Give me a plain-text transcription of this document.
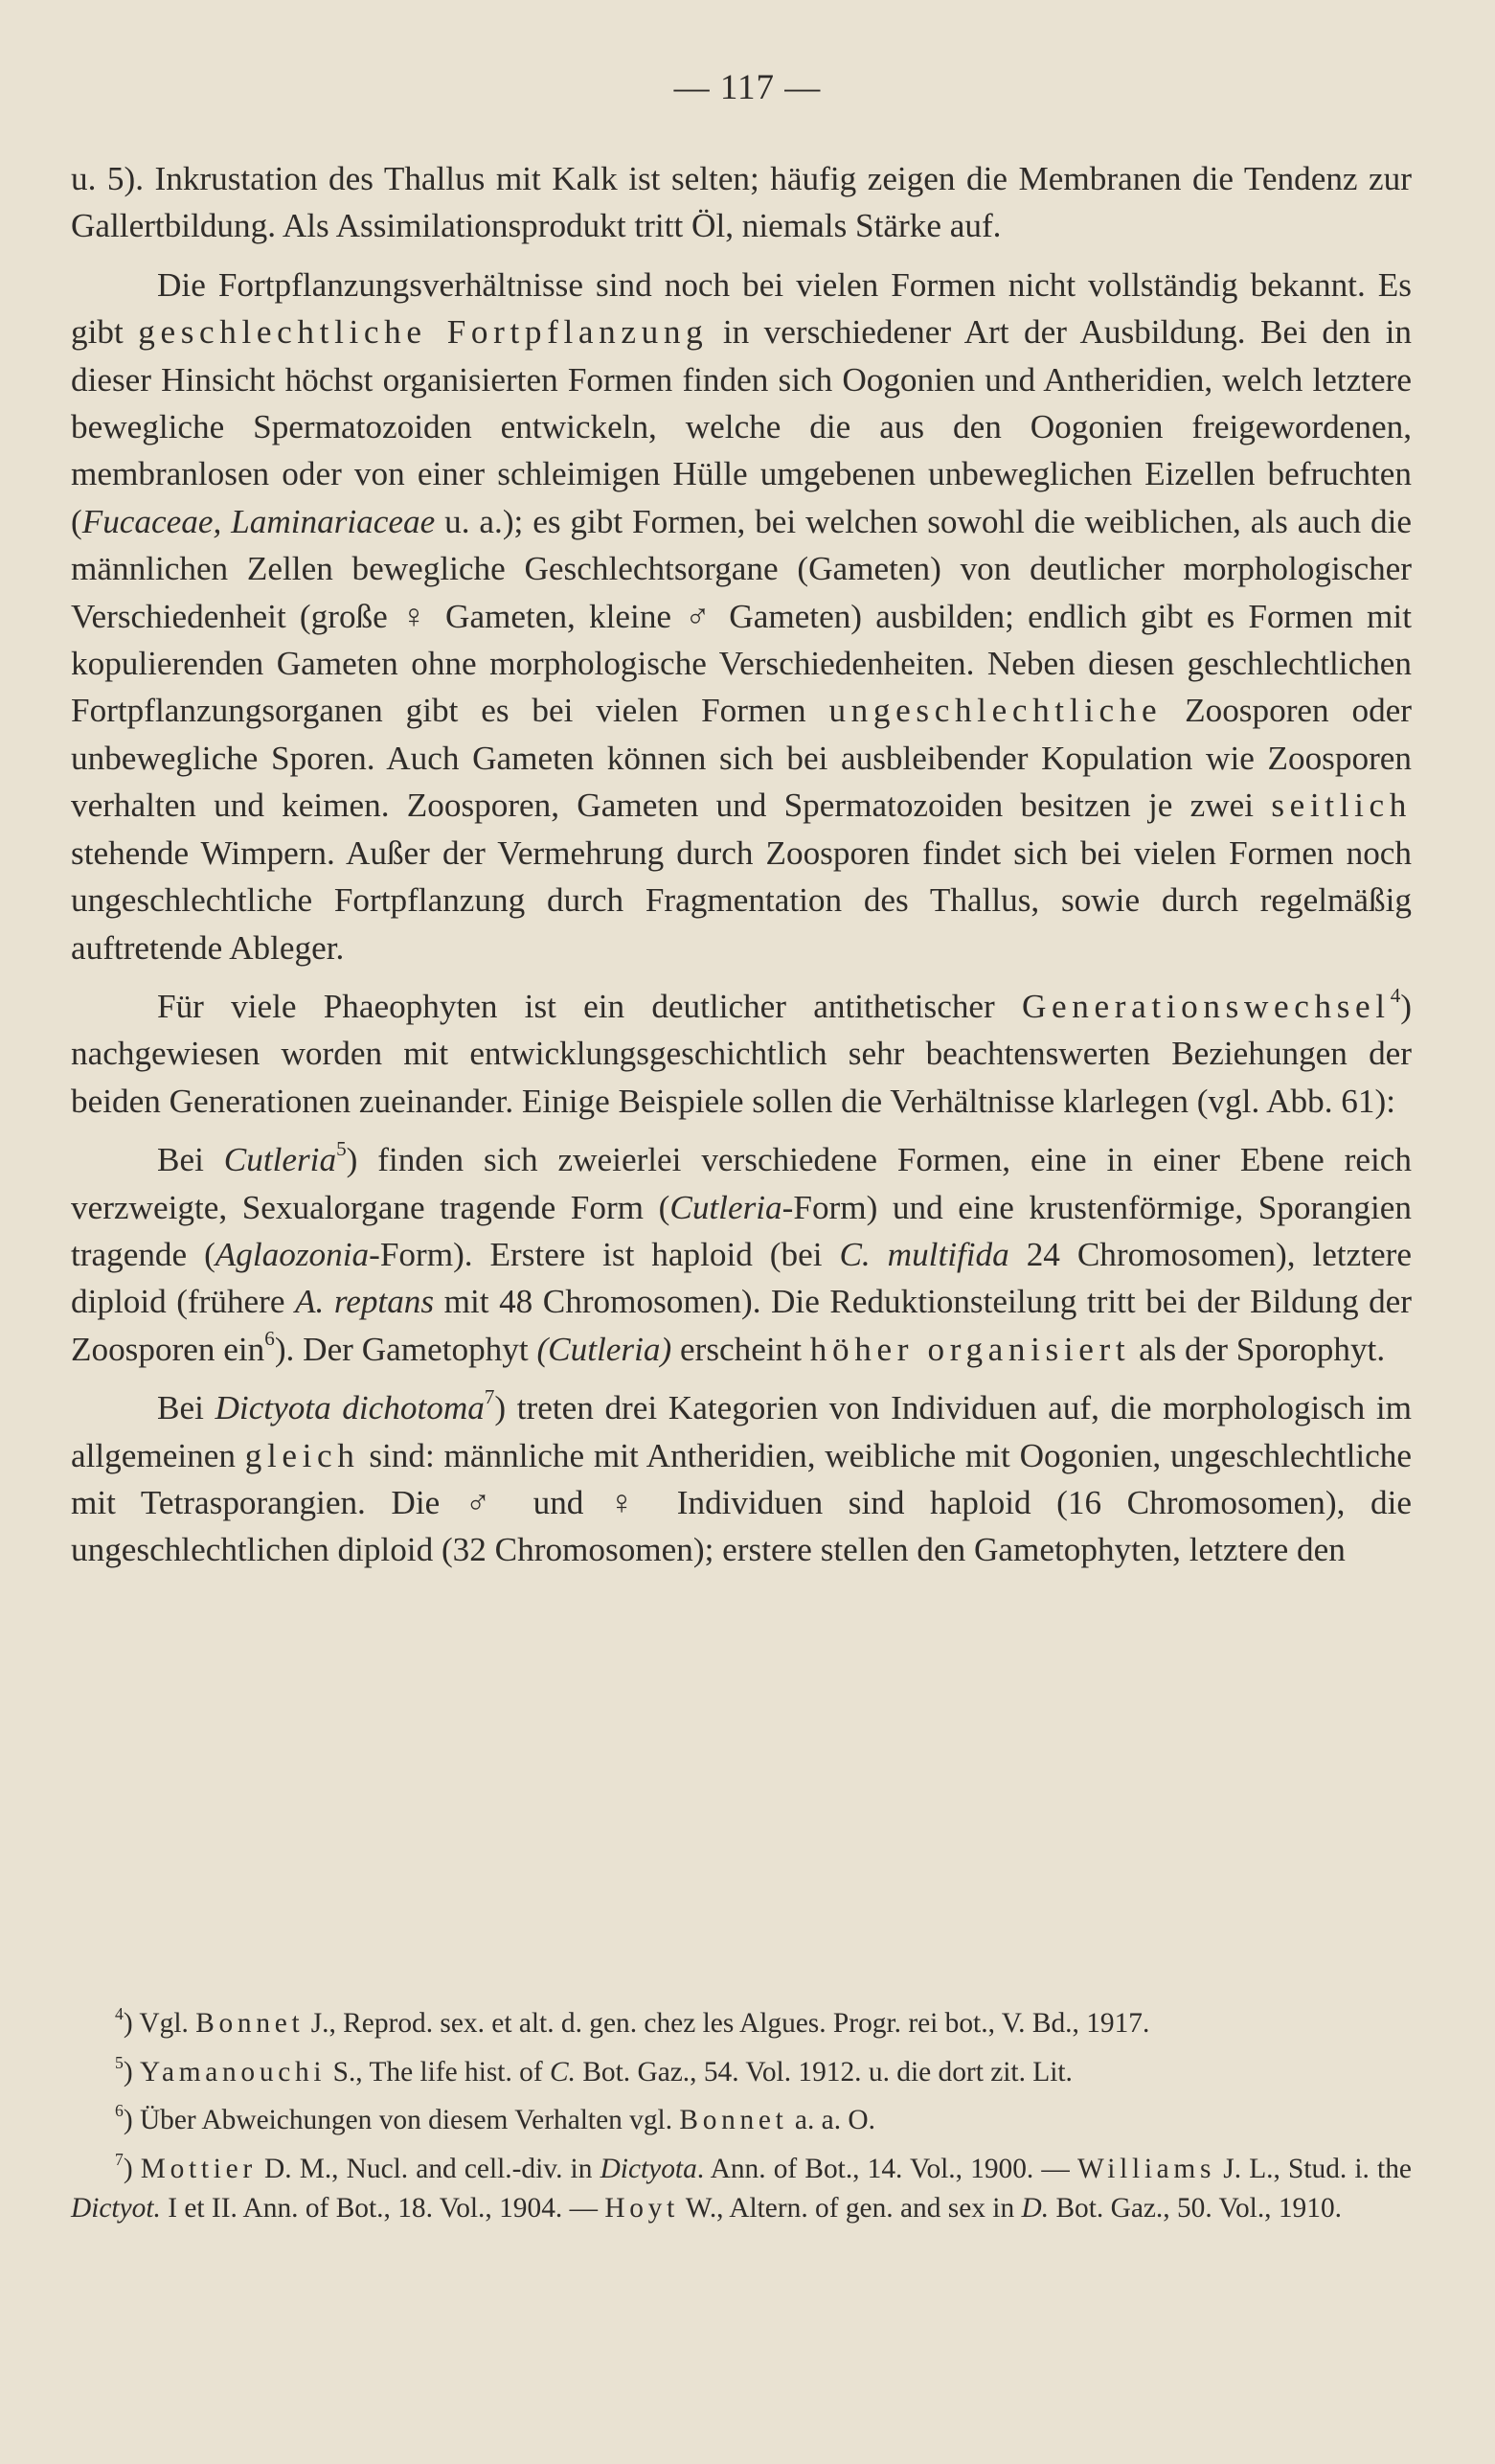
— 117 —

u. 5). Inkrustation des Thallus mit Kalk ist selten; häufig zeigen die Membranen die Tendenz zur Gallertbildung. Als Assimilationsprodukt tritt Öl, niemals Stärke auf.

Die Fortpflanzungsverhältnisse sind noch bei vielen Formen nicht vollständig bekannt. Es gibt geschlechtliche Fortpflanzung in verschiedener Art der Ausbildung. Bei den in dieser Hinsicht höchst organisierten Formen finden sich Oogonien und Antheridien, welch letztere bewegliche Spermatozoiden entwickeln, welche die aus den Oogonien freigewordenen, membranlosen oder von einer schleimigen Hülle umgebenen unbeweglichen Eizellen befruchten (Fucaceae, Laminariaceae u. a.); es gibt Formen, bei welchen sowohl die weiblichen, als auch die männlichen Zellen bewegliche Geschlechtsorgane (Gameten) von deutlicher morphologischer Verschiedenheit (große ♀ Gameten, kleine ♂ Gameten) ausbilden; endlich gibt es Formen mit kopulierenden Gameten ohne morphologische Verschiedenheiten. Neben diesen geschlechtlichen Fortpflanzungsorganen gibt es bei vielen Formen ungeschlechtliche Zoosporen oder unbewegliche Sporen. Auch Gameten können sich bei ausbleibender Kopulation wie Zoosporen verhalten und keimen. Zoosporen, Gameten und Spermatozoiden besitzen je zwei seitlich stehende Wimpern. Außer der Vermehrung durch Zoosporen findet sich bei vielen Formen noch ungeschlechtliche Fortpflanzung durch Fragmentation des Thallus, sowie durch regelmäßig auftretende Ableger.

Für viele Phaeophyten ist ein deutlicher antithetischer Generationswechsel$^4$) nachgewiesen worden mit entwicklungsgeschichtlich sehr beachtenswerten Beziehungen der beiden Generationen zueinander. Einige Beispiele sollen die Verhältnisse klarlegen (vgl. Abb. 61):

Bei Cutleria$^5$) finden sich zweierlei verschiedene Formen, eine in einer Ebene reich verzweigte, Sexualorgane tragende Form (Cutleria-Form) und eine krustenförmige, Sporangien tragende (Aglaozonia-Form). Erstere ist haploid (bei C. multifida 24 Chromosomen), letztere diploid (frühere A. reptans mit 48 Chromosomen). Die Reduktionsteilung tritt bei der Bildung der Zoosporen ein$^6$). Der Gametophyt (Cutleria) erscheint höher organisiert als der Sporophyt.

Bei Dictyota dichotoma$^7$) treten drei Kategorien von Individuen auf, die morphologisch im allgemeinen gleich sind: männliche mit Antheridien, weibliche mit Oogonien, ungeschlechtliche mit Tetrasporangien. Die ♂ und ♀ Individuen sind haploid (16 Chromosomen), die ungeschlechtlichen diploid (32 Chromosomen); erstere stellen den Gametophyten, letztere den

$^4$) Vgl. Bonnet J., Reprod. sex. et alt. d. gen. chez les Algues. Progr. rei bot., V. Bd., 1917.

$^5$) Yamanouchi S., The life hist. of C. Bot. Gaz., 54. Vol. 1912. u. die dort zit. Lit.

$^6$) Über Abweichungen von diesem Verhalten vgl. Bonnet a. a. O.

$^7$) Mottier D. M., Nucl. and cell.-div. in Dictyota. Ann. of Bot., 14. Vol., 1900. — Williams J. L., Stud. i. the Dictyot. I et II. Ann. of Bot., 18. Vol., 1904. — Hoyt W., Altern. of gen. and sex in D. Bot. Gaz., 50. Vol., 1910.
